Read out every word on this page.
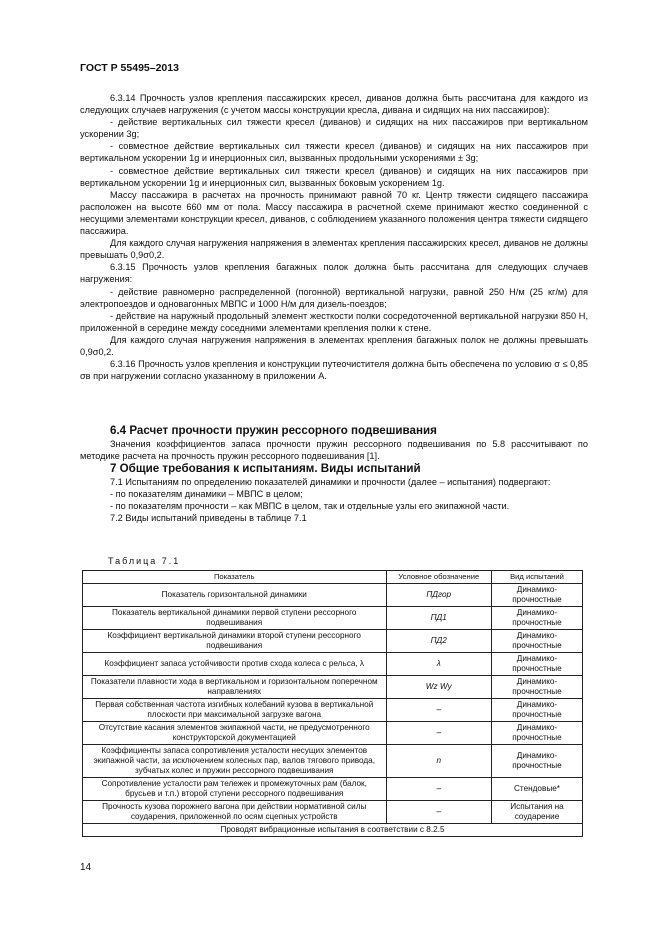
ГОСТ Р 55495–2013

6.3.14 Прочность узлов крепления пассажирских кресел, диванов должна быть рассчитана для каждого из следующих случаев нагружения (с учетом массы конструкции кресла, дивана и сидящих на них пассажиров):

- действие вертикальных сил тяжести кресел (диванов) и сидящих на них пассажиров при вертикальном ускорении 3g;

- совместное действие вертикальных сил тяжести кресел (диванов) и сидящих на них пассажиров при вертикальном ускорении 1g и инерционных сил, вызванных продольными ускорениями ± 3g;

- совместное действие вертикальных сил тяжести кресел (диванов) и сидящих на них пассажиров при вертикальном ускорении 1g и инерционных сил, вызванных боковым ускорением 1g.

Массу пассажира в расчетах на прочность принимают равной 70 кг. Центр тяжести сидящего пассажира расположен на высоте 660 мм от пола. Массу пассажира в расчетной схеме принимают жестко соединенной с несущими элементами конструкции кресел, диванов, с соблюдением указанного положения центра тяжести сидящего пассажира.

Для каждого случая нагружения напряжения в элементах крепления пассажирских кресел, диванов не должны превышать 0,9σ0,2.

6.3.15 Прочность узлов крепления багажных полок должна быть рассчитана для следующих случаев нагружения:

- действие равномерно распределенной (погонной) вертикальной нагрузки, равной 250 Н/м (25 кг/м) для электропоездов и одновагонных МВПС и 1000 Н/м для дизель-поездов;

- действие на наружный продольный элемент жесткости полки сосредоточенной вертикальной нагрузки 850 Н, приложенной в середине между соседними элементами крепления полки к стене.

Для каждого случая нагружения напряжения в элементах крепления багажных полок не должны превышать 0,9σ0,2.

6.3.16 Прочность узлов крепления и конструкции путеочистителя должна быть обеспечена по условию σ ≤ 0,85 σв при нагружении согласно указанному в приложении А.

6.4 Расчет прочности пружин рессорного подвешивания

Значения коэффициентов запаса прочности пружин рессорного подвешивания по 5.8 рассчитывают по методике расчета на прочность пружин рессорного подвешивания [1].

7 Общие требования к испытаниям. Виды испытаний

7.1 Испытаниям по определению показателей динамики и прочности (далее – испытания) подвергают:

- по показателям динамики – МВПС в целом;

- по показателям прочности – как МВПС в целом, так и отдельные узлы его экипажной части.

7.2 Виды испытаний приведены в таблице 7.1

Таблица 7.1
Показатель	Условное обозначение	Вид испытаний
Показатель горизонтальной динамики	ПДгор	Динамико-прочностные
Показатель вертикальной динамики первой ступени рессорного подвешивания	ПД1	Динамико-прочностные
Коэффициент вертикальной динамики второй ступени рессорного подвешивания	ПД2	Динамико-прочностные
Коэффициент запаса устойчивости против схода колеса с рельса, λ	λ	Динамико-прочностные
Показатели плавности хода в вертикальном и горизонтальном поперечном направлениях	Wz Wy	Динамико-прочностные
Первая собственная частота изгибных колебаний кузова в вертикальной плоскости при максимальной загрузке вагона	–	Динамико-прочностные
Отсутствие касания элементов экипажной части, не предусмотренного конструкторской документацией	–	Динамико-прочностные
Коэффициенты запаса сопротивления усталости несущих элементов экипажной части, за исключением колесных пар, валов тягового привода, зубчатых колес и пружин рессорного подвешивания	n	Динамико-прочностные
Сопротивление усталости рам тележек и промежуточных рам (балок, брусьев и т.п.) второй ступени рессорного подвешивания	–	Стендовые*
Прочность кузова порожнего вагона при действии нормативной силы соударения, приложенной по осям сцепных устройств	–	Испытания на соударение
Проводят вибрационные испытания в соответствии с 8.2.5		
14
